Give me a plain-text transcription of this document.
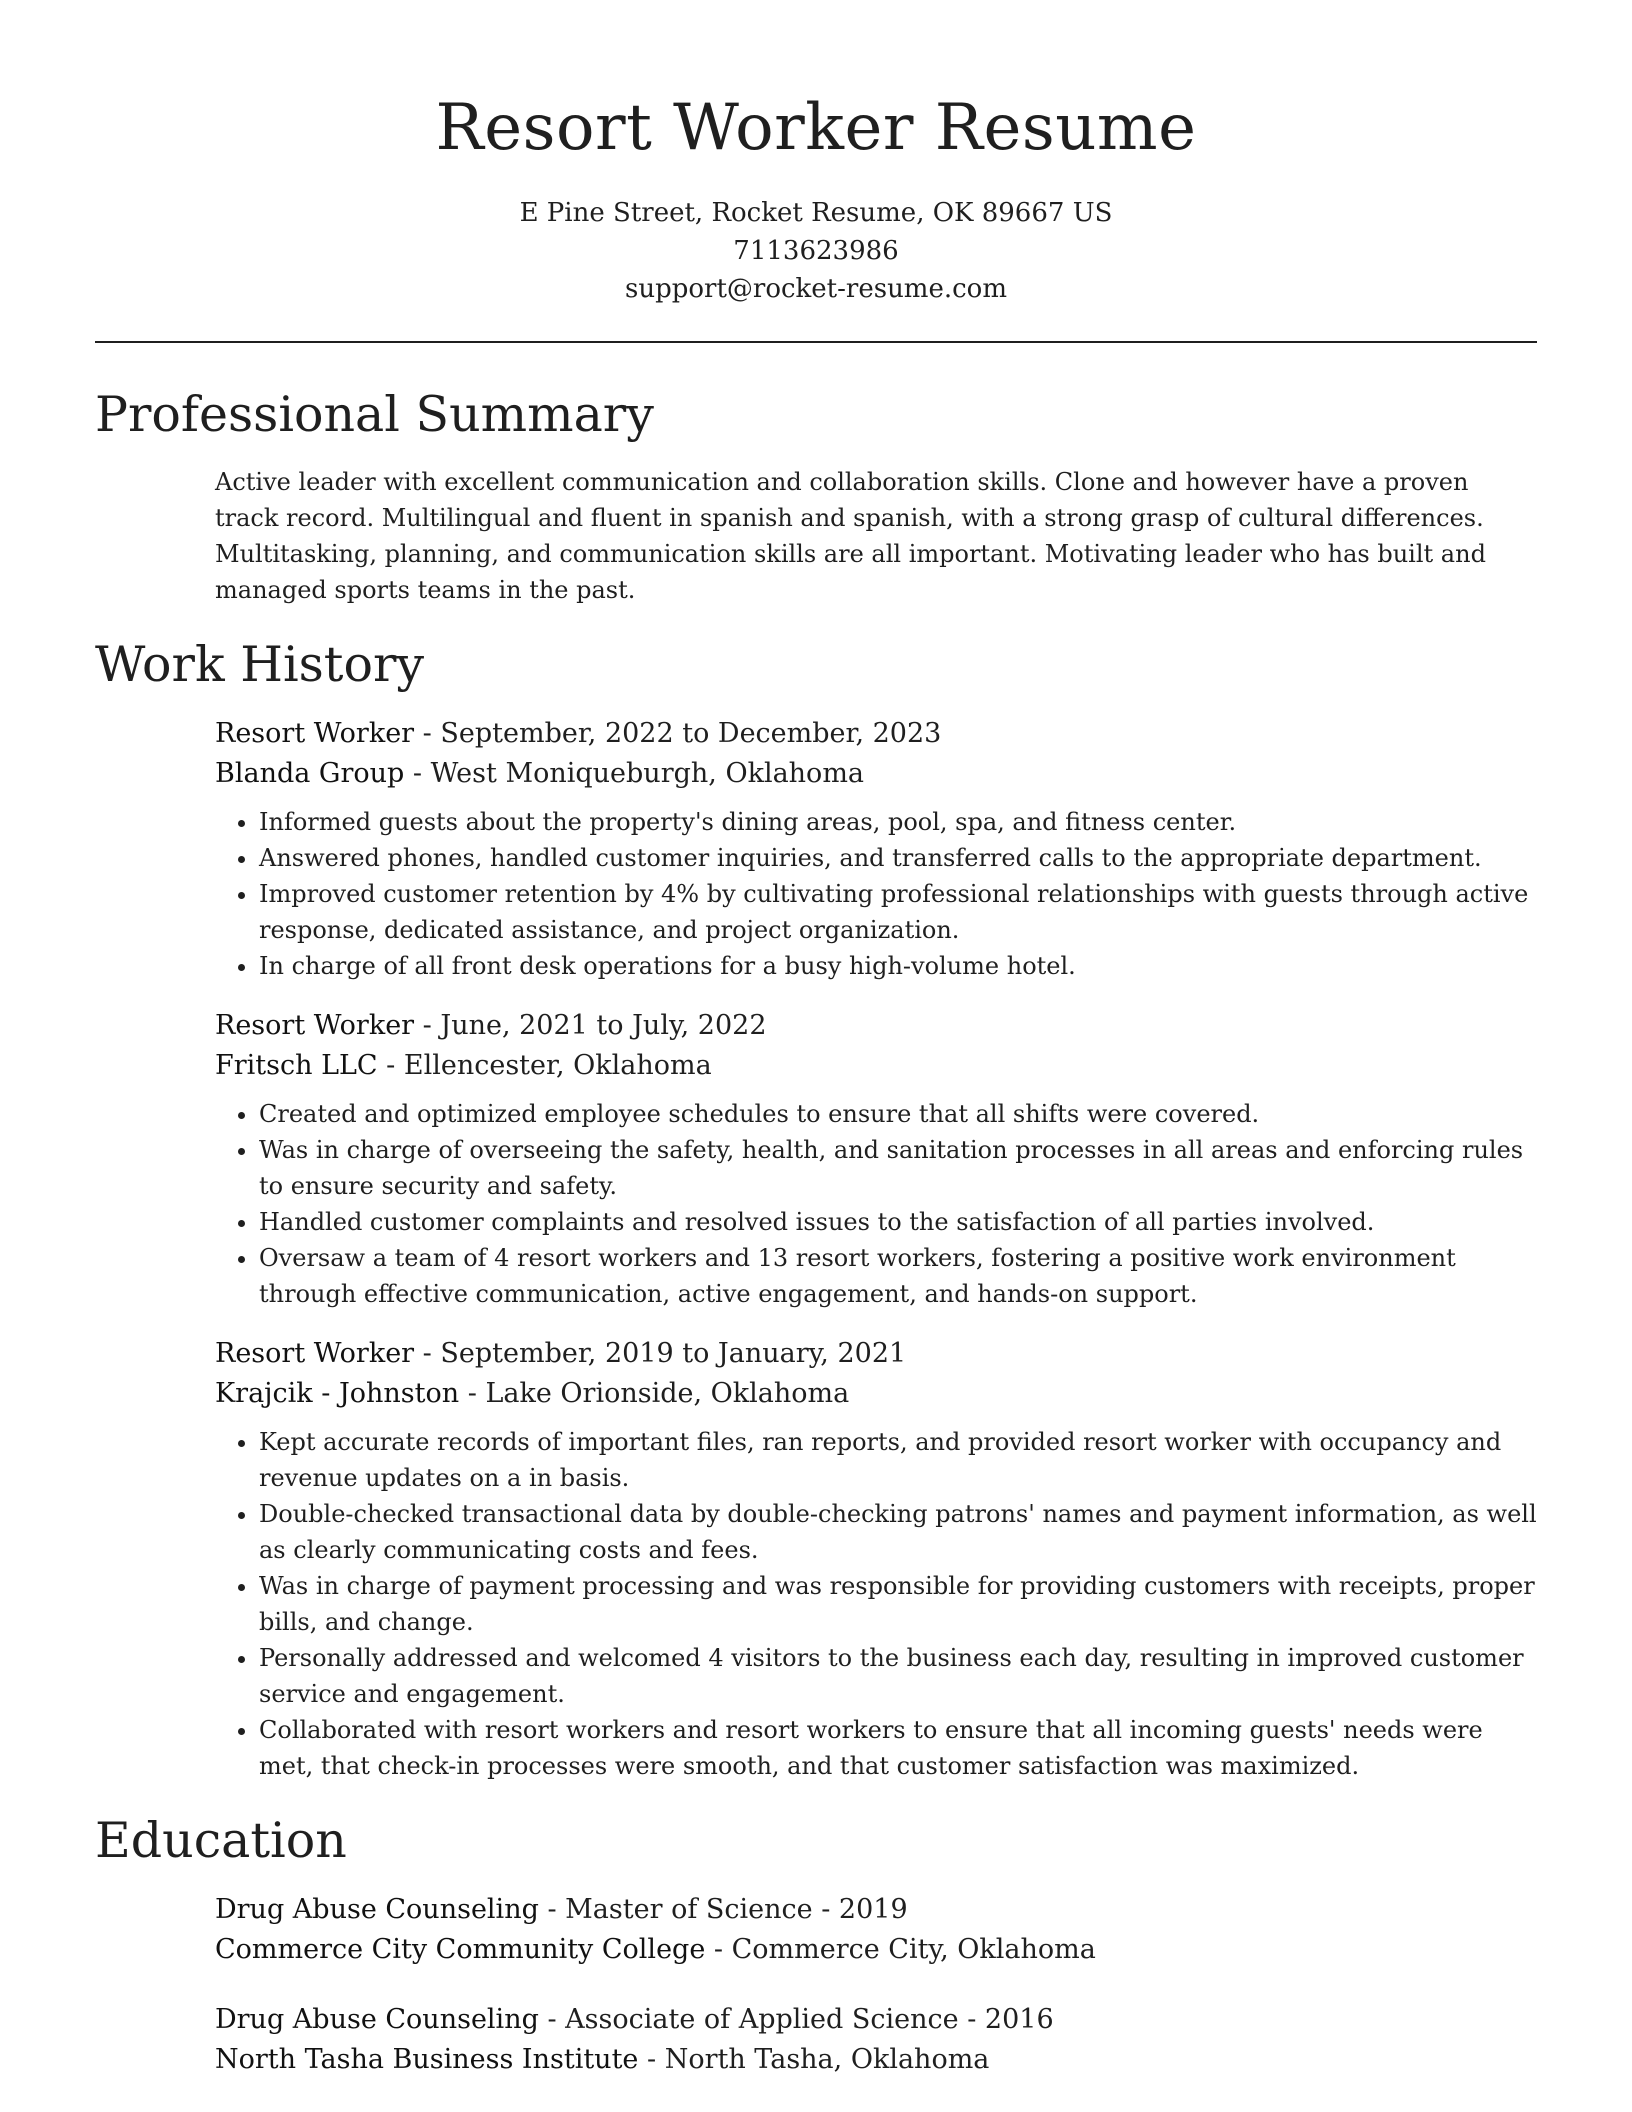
Resort Worker Resume
E Pine Street, Rocket Resume, OK 89667 US
7113623986
support@rocket-resume.com
Professional Summary
Active leader with excellent communication and collaboration skills. Clone and however have a proven track record. Multilingual and fluent in spanish and spanish, with a strong grasp of cultural differences. Multitasking, planning, and communication skills are all important. Motivating leader who has built and managed sports teams in the past.
Work History
Resort Worker - September, 2022 to December, 2023
Blanda Group - West Moniqueburgh, Oklahoma
• Informed guests about the property's dining areas, pool, spa, and fitness center.
• Answered phones, handled customer inquiries, and transferred calls to the appropriate department.
• Improved customer retention by 4% by cultivating professional relationships with guests through active response, dedicated assistance, and project organization.
• In charge of all front desk operations for a busy high-volume hotel.
Resort Worker - June, 2021 to July, 2022
Fritsch LLC - Ellencester, Oklahoma
• Created and optimized employee schedules to ensure that all shifts were covered.
• Was in charge of overseeing the safety, health, and sanitation processes in all areas and enforcing rules to ensure security and safety.
• Handled customer complaints and resolved issues to the satisfaction of all parties involved.
• Oversaw a team of 4 resort workers and 13 resort workers, fostering a positive work environment through effective communication, active engagement, and hands-on support.
Resort Worker - September, 2019 to January, 2021
Krajcik - Johnston - Lake Orionside, Oklahoma
• Kept accurate records of important files, ran reports, and provided resort worker with occupancy and revenue updates on a in basis.
• Double-checked transactional data by double-checking patrons' names and payment information, as well as clearly communicating costs and fees.
• Was in charge of payment processing and was responsible for providing customers with receipts, proper bills, and change.
• Personally addressed and welcomed 4 visitors to the business each day, resulting in improved customer service and engagement.
• Collaborated with resort workers and resort workers to ensure that all incoming guests' needs were met, that check-in processes were smooth, and that customer satisfaction was maximized.
Education
Drug Abuse Counseling - Master of Science - 2019
Commerce City Community College - Commerce City, Oklahoma
Drug Abuse Counseling - Associate of Applied Science - 2016
North Tasha Business Institute - North Tasha, Oklahoma
